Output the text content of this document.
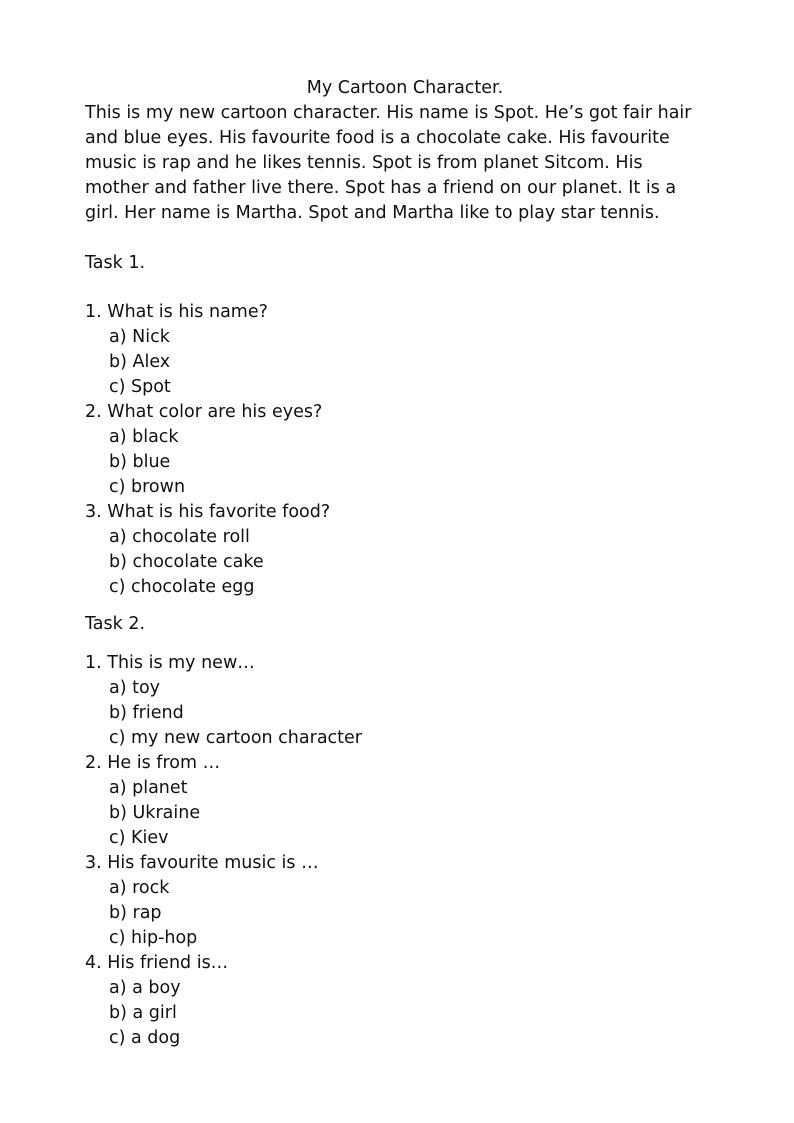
My Cartoon Character.
This is my new cartoon character. His name is Spot. He’s got fair hair
and blue eyes. His favourite food is a chocolate cake. His favourite
music is rap and he likes tennis. Spot is from planet Sitcom. His
mother and father live there. Spot has a friend on our planet. It is a
girl. Her name is Martha. Spot and Martha like to play star tennis.
Task 1.
1. What is his name?
a) Nick
b) Alex
c) Spot
2. What color are his eyes?
a) black
b) blue
c) brown
3. What is his favorite food?
a) chocolate roll
b) chocolate cake
c) chocolate egg
Task 2.
1. This is my new…
a) toy
b) friend
c) my new cartoon character
2. He is from …
a) planet
b) Ukraine
c) Kiev
3. His favourite music is …
a) rock
b) rap
c) hip-hop
4. His friend is…
a) a boy
b) a girl
c) a dog
